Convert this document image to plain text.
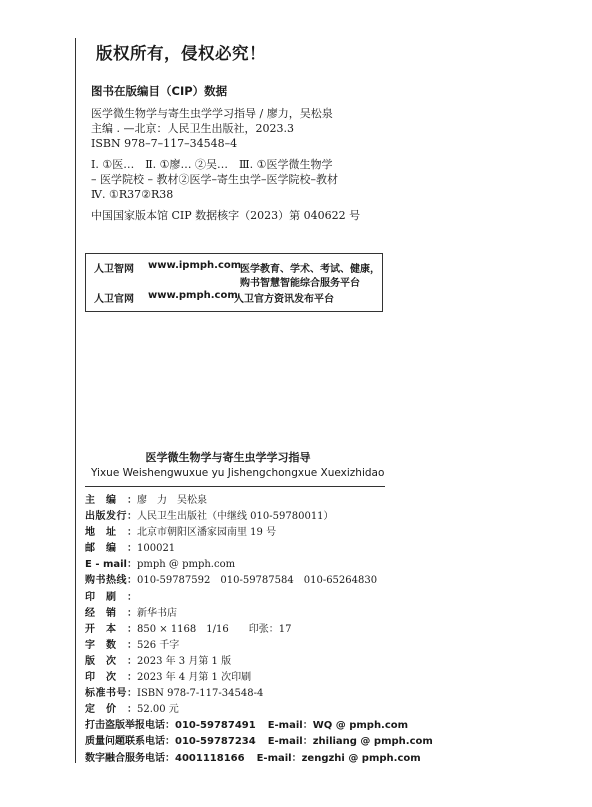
版权所有，侵权必究！
图书在版编目（CIP）数据
医学微生物学与寄生虫学学习指导 / 廖力，吴松泉
主编 . —北京：人民卫生出版社，2023.3
ISBN 978–7–117–34548–4
Ⅰ. ①医…　Ⅱ. ①廖… ②吴…　Ⅲ. ①医学微生物学
– 医学院校 – 教材②医学–寄生虫学–医学院校–教材
Ⅳ. ①R37②R38
中国国家版本馆 CIP 数据核字（2023）第 040622 号
人卫智网 www.ipmph.com
医学教育、学术、考试、健康，
购书智慧智能综合服务平台
人卫官网 www.pmph.com
人卫官方资讯发布平台
医学微生物学与寄生虫学学习指导
Yixue Weishengwuxue yu Jishengchongxue Xuexizhidao
主编：廖　力　吴松泉
出版发行：人民卫生出版社（中继线 010-59780011）
地址：北京市朝阳区潘家园南里 19 号
邮编：100021
E - mail：pmph @ pmph.com
购书热线：010-59787592　010-59787584　010-65264830
印刷：
经销：新华书店
开本：850 × 1168　1/16　　印张：17
字数：526 千字
版次：2023 年 3 月第 1 版
印次：2023 年 4 月第 1 次印刷
标准书号：ISBN 978-7-117-34548-4
定价：52.00 元
打击盗版举报电话：010-59787491 E-mail：WQ @ pmph.com
质量问题联系电话：010-59787234 E-mail：zhiliang @ pmph.com
数字融合服务电话：4001118166 E-mail：zengzhi @ pmph.com
